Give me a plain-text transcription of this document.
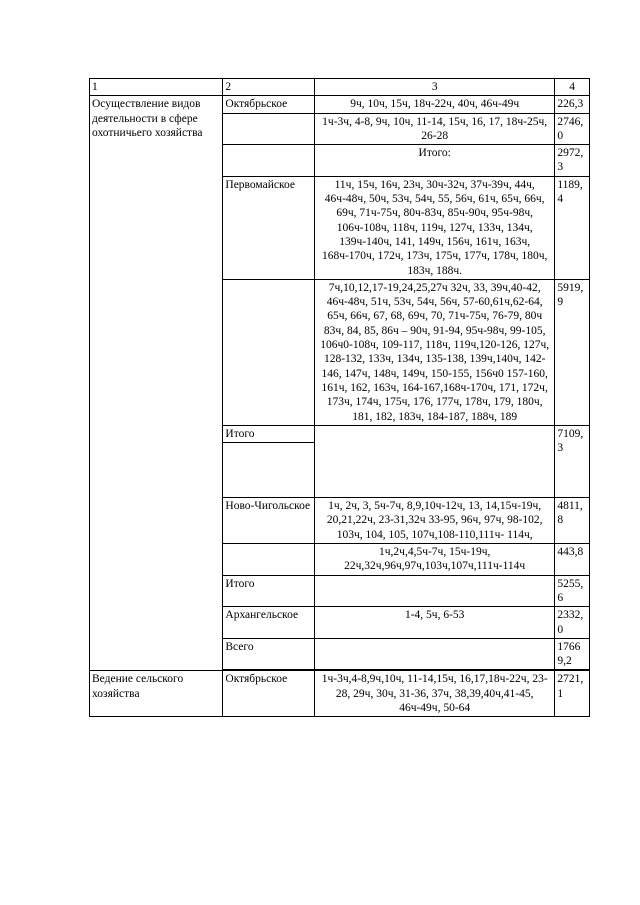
1	2	3	4
Осуществление видов деятельности в сфере охотничьего хозяйства	Октябрьское	9ч, 10ч, 15ч, 18ч-22ч, 40ч, 46ч-49ч	226,3
		1ч-3ч, 4-8, 9ч, 10ч, 11-14, 15ч, 16, 17, 18ч-25ч, 26-28	2746,0
		Итого:	2972,3
	Первомайское	11ч, 15ч, 16ч, 23ч, 30ч-32ч, 37ч-39ч, 44ч, 46ч-48ч, 50ч, 53ч, 54ч, 55, 56ч, 61ч, 65ч, 66ч, 69ч, 71ч-75ч, 80ч-83ч, 85ч-90ч, 95ч-98ч, 106ч-108ч, 118ч, 119ч, 127ч, 133ч, 134ч, 139ч-140ч, 141, 149ч, 156ч, 161ч, 163ч, 168ч-170ч, 172ч, 173ч, 175ч, 177ч, 178ч, 180ч, 183ч, 188ч.	1189,4
		7ч,10,12,17-19,24,25,27ч 32ч, 33, 39ч,40-42, 46ч-48ч, 51ч, 53ч, 54ч, 56ч, 57-60,61ч,62-64, 65ч, 66ч, 67, 68, 69ч, 70, 71ч-75ч, 76-79, 80ч 83ч, 84, 85, 86ч – 90ч, 91-94, 95ч-98ч, 99-105, 106ч0-108ч, 109-117, 118ч, 119ч,120-126, 127ч, 128-132, 133ч, 134ч, 135-138, 139ч,140ч, 142-146, 147ч, 148ч, 149ч, 150-155, 156ч0 157-160, 161ч, 162, 163ч, 164-167,168ч-170ч, 171, 172ч, 173ч, 174ч, 175ч, 176, 177ч, 178ч, 179, 180ч, 181, 182, 183ч, 184-187, 188ч, 189	5919,9
	Итого		7109,3

	Ново-Чигольское	1ч, 2ч, 3, 5ч-7ч, 8,9,10ч-12ч, 13, 14,15ч-19ч, 20,21,22ч, 23-31,32ч 33-95, 96ч, 97ч, 98-102, 103ч, 104, 105, 107ч,108-110,111ч- 114ч,	4811,8
		1ч,2ч,4,5ч-7ч, 15ч-19ч, 22ч,32ч,96ч,97ч,103ч,107ч,111ч-114ч	443,8
	Итого		5255,6
	Архангельское	1-4, 5ч, 6-53	2332,0
	Всего		17669,2

Ведение сельского хозяйства	Октябрьское	1ч-3ч,4-8,9ч,10ч, 11-14,15ч, 16,17,18ч-22ч, 23-28, 29ч, 30ч, 31-36, 37ч, 38,39,40ч,41-45, 46ч-49ч, 50-64	2721,1
